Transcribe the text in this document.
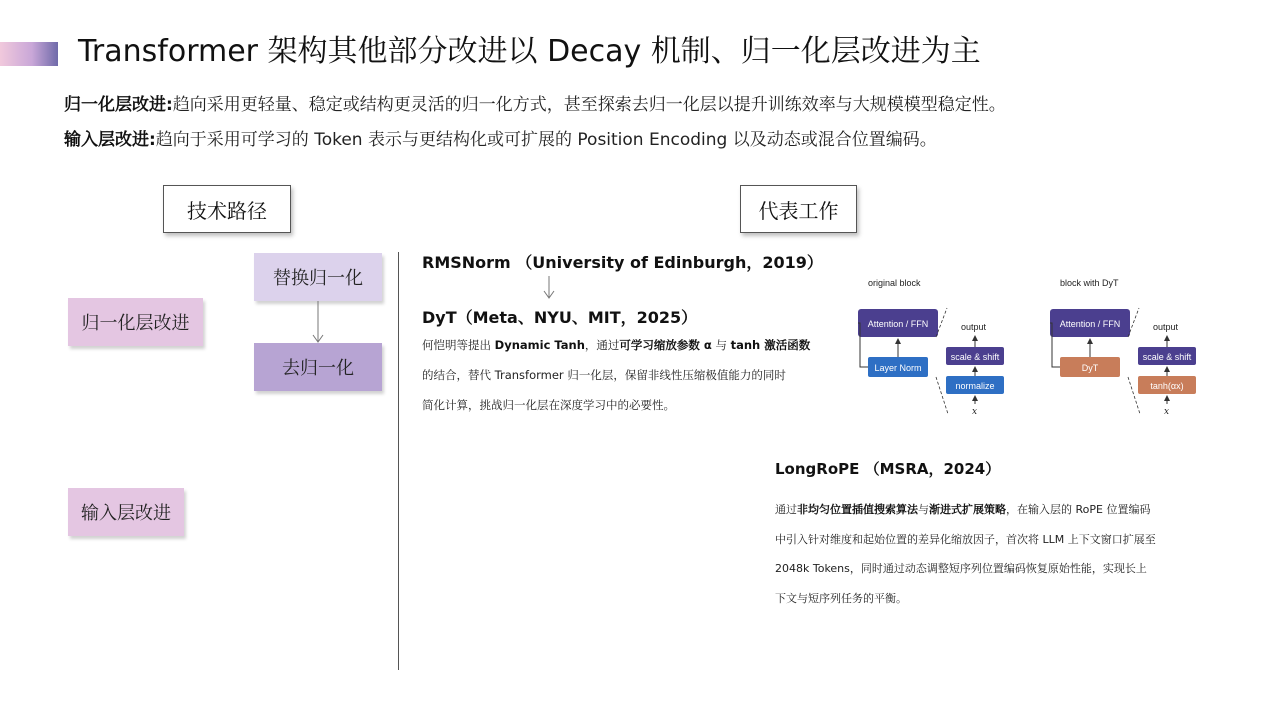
Transformer 架构其他部分改进以 Decay 机制、归一化层改进为主
归一化层改进:趋向采用更轻量、稳定或结构更灵活的归一化方式，甚至探索去归一化层以提升训练效率与大规模模型稳定性。
输入层改进:趋向于采用可学习的 Token 表示与更结构化或可扩展的 Position Encoding 以及动态或混合位置编码。
技术路径	代表工作
归一化层改进
输入层改进
替换归一化
去归一化
RMSNorm （University of Edinburgh，2019）
DyT（Meta、NYU、MIT，2025）
何恺明等提出 Dynamic Tanh，通过可学习缩放参数 α 与 tanh 激活函数
的结合，替代 Transformer 归一化层，保留非线性压缩极值能力的同时
简化计算，挑战归一化层在深度学习中的必要性。
original block
Attention / FFN
Layer Norm
output
scale & shift
normalize
x
block with DyT
Attention / FFN
DyT
output
scale & shift
tanh(αx)
x
LongRoPE （MSRA，2024）
通过非均匀位置插值搜索算法与渐进式扩展策略，在输入层的 RoPE 位置编码
中引入针对维度和起始位置的差异化缩放因子，首次将 LLM 上下文窗口扩展至
2048k Tokens，同时通过动态调整短序列位置编码恢复原始性能，实现长上
下文与短序列任务的平衡。
